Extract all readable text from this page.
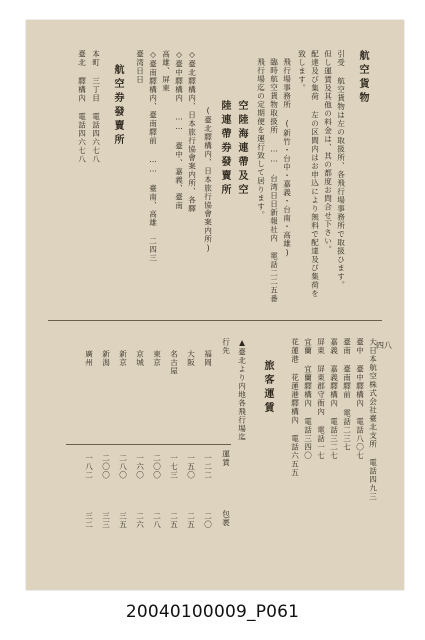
四八
航空貨物
引受 航空貨物は左の取扱所、各飛行場事務所で取扱ひます。
但し運賃及其他の料金は、其の都度お問合せ下さい。
配達及び集荷 左の区間内はお申込により無料で配達及び集荷を
致します。
飛行場事務所 (新竹・台中・嘉義・台南・高雄)
臨時航空貨物取扱所 …… 台湾日日新報社内 電話二二五番
飛行場迄の定期便を運行致して居ります。
空陸海連帶及空
陸連帶券發賣所
(臺北驛構内、日本旅行協會案内所)
◇臺北驛構内、日本旅行協會案内所、各驛
◇臺中驛構内 …… 臺中、嘉義、臺南
高雄、屏東
◇臺南驛構内、臺南驛前 …… 臺南、高雄 二四三
臺湾日日
航空券發賣所
本町 三丁目 電話四六七八
臺北 驛構內 電話四六七八
大日本航空株式会社臺北支所 電話四九三
臺中 臺中驛構內 電話八〇七
臺南 臺南驛前 電話二三七
嘉義 嘉義驛構內 電話三二七
屏東 屏東郡守衙內 電話一七
宜蘭 宜蘭驛構內 電話三四〇
花蓮港 花蓮港驛構內 電話六五五
旅客運賃
▲臺北より内地各飛行場迄
行先
運賃
包裹
福岡
一二二
二〇
大阪
一五〇
二五
名古屋
一七三
二五
東京
二〇〇
二八
京城
一六〇
二六
新京
二八〇
三五
新潟
二〇〇
三三
廣州
一八二
三二
20040100009_P061
